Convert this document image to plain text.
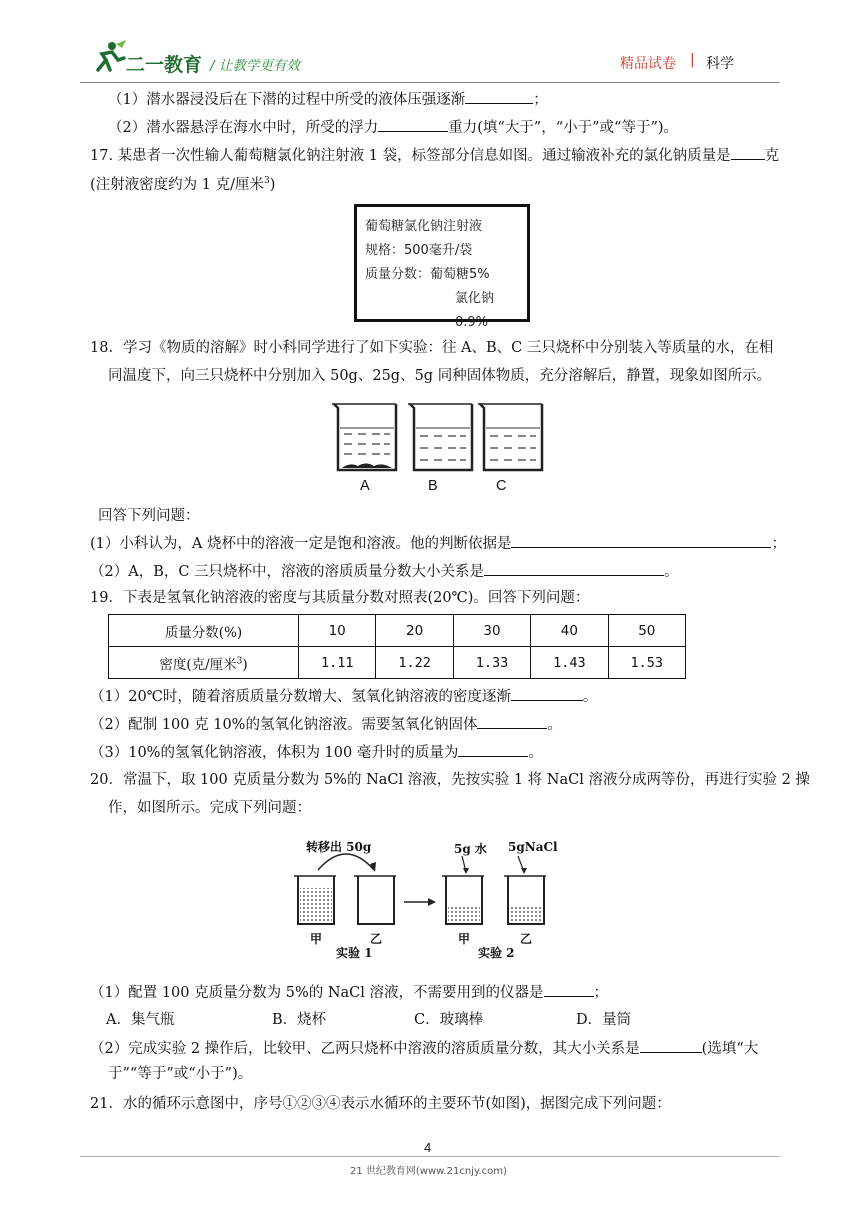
二一教育 / 让教学更有效	精品试卷 | 科学
（1）潜水器浸没后在下潜的过程中所受的液体压强逐渐	；
（2）潜水器悬浮在海水中时，所受的浮力	重力(填“大于”，“小于”或“等于”)。
17. 某患者一次性输人葡萄糖氯化钠注射液 1 袋，标签部分信息如图。通过输液补充的氯化钠质量是 克
(注射液密度约为 1 克/厘米$^3$)
葡萄糖氯化钠注射液
规格：500毫升/袋
质量分数：葡萄糖5%
氯化钠0.9%
18．学习《物质的溶解》时小科同学进行了如下实验：往 A、B、C 三只烧杯中分别装入等质量的水，在相
同温度下，向三只烧杯中分别加入 50g、25g、5g 同种固体物质，充分溶解后，静置，现象如图所示。
A	B	C
回答下列问题：
(1）小科认为，A 烧杯中的溶液一定是饱和溶液。他的判断依据是	；
（2）A，B，C 三只烧杯中，溶液的溶质质量分数大小关系是	。
19．下表是氢氧化钠溶液的密度与其质量分数对照表(20℃)。回答下列问题：
质量分数(%)	10	20	30	40	50
密度(克/厘米$^3$)	1.11	1.22	1.33	1.43	1.53
（1）20℃时，随着溶质质量分数增大、氢氧化钠溶液的密度逐渐	。
（2）配制 100 克 10%的氢氧化钠溶液。需要氢氧化钠固体	。
（3）10%的氢氧化钠溶液，体积为 100 毫升时的质量为	。
20．常温下，取 100 克质量分数为 5%的 NaCl 溶液，先按实验 1 将 NaCl 溶液分成两等份，再进行实验 2 操
作，如图所示。完成下列问题：
转移出 50g	5g 水 5gNaCl
甲	乙	甲	乙
实验 1	实验 2
（1）配置 100 克质量分数为 5%的 NaCl 溶液，不需要用到的仪器是	；
A．集气瓶	B．烧杯	C．玻璃棒	D．量筒
（2）完成实验 2 操作后，比较甲、乙两只烧杯中溶液的溶质质量分数，其大小关系是	(选填“大
于”“等于”或“小于”)。
21．水的循环示意图中，序号①②③④表示水循环的主要环节(如图)，据图完成下列问题：
4
21 世纪教育网(www.21cnjy.com)
